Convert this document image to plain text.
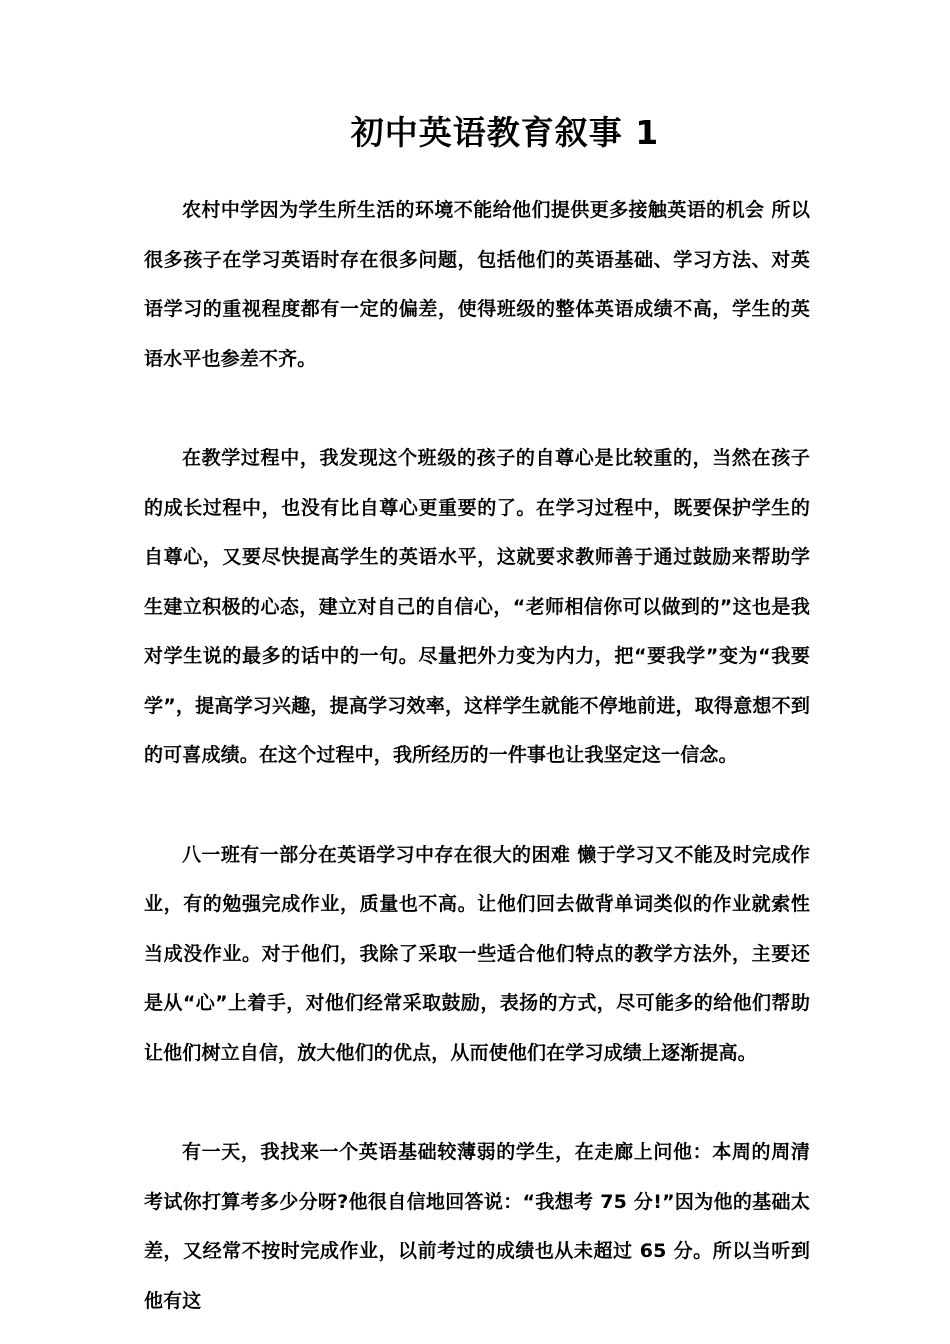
初中英语教育叙事 1

农村中学因为学生所生活的环境不能给他们提供更多接触英语的机会 所以很多孩子在学习英语时存在很多问题，包括他们的英语基础、学习方法、对英语学习的重视程度都有一定的偏差，使得班级的整体英语成绩不高，学生的英语水平也参差不齐。

在教学过程中，我发现这个班级的孩子的自尊心是比较重的，当然在孩子的成长过程中，也没有比自尊心更重要的了。在学习过程中，既要保护学生的自尊心，又要尽快提高学生的英语水平，这就要求教师善于通过鼓励来帮助学生建立积极的心态，建立对自己的自信心，“老师相信你可以做到的”这也是我对学生说的最多的话中的一句。尽量把外力变为内力，把“要我学”变为“我要学”，提高学习兴趣，提高学习效率，这样学生就能不停地前进，取得意想不到的可喜成绩。在这个过程中，我所经历的一件事也让我坚定这一信念。

八一班有一部分在英语学习中存在很大的困难 懒于学习又不能及时完成作业，有的勉强完成作业，质量也不高。让他们回去做背单词类似的作业就索性当成没作业。对于他们，我除了采取一些适合他们特点的教学方法外，主要还是从“心”上着手，对他们经常采取鼓励，表扬的方式，尽可能多的给他们帮助让他们树立自信，放大他们的优点，从而使他们在学习成绩上逐渐提高。

有一天，我找来一个英语基础较薄弱的学生，在走廊上问他：本周的周清考试你打算考多少分呀?他很自信地回答说：“我想考 75 分!”因为他的基础太差，又经常不按时完成作业，以前考过的成绩也从未超过 65 分。所以当听到他有这
